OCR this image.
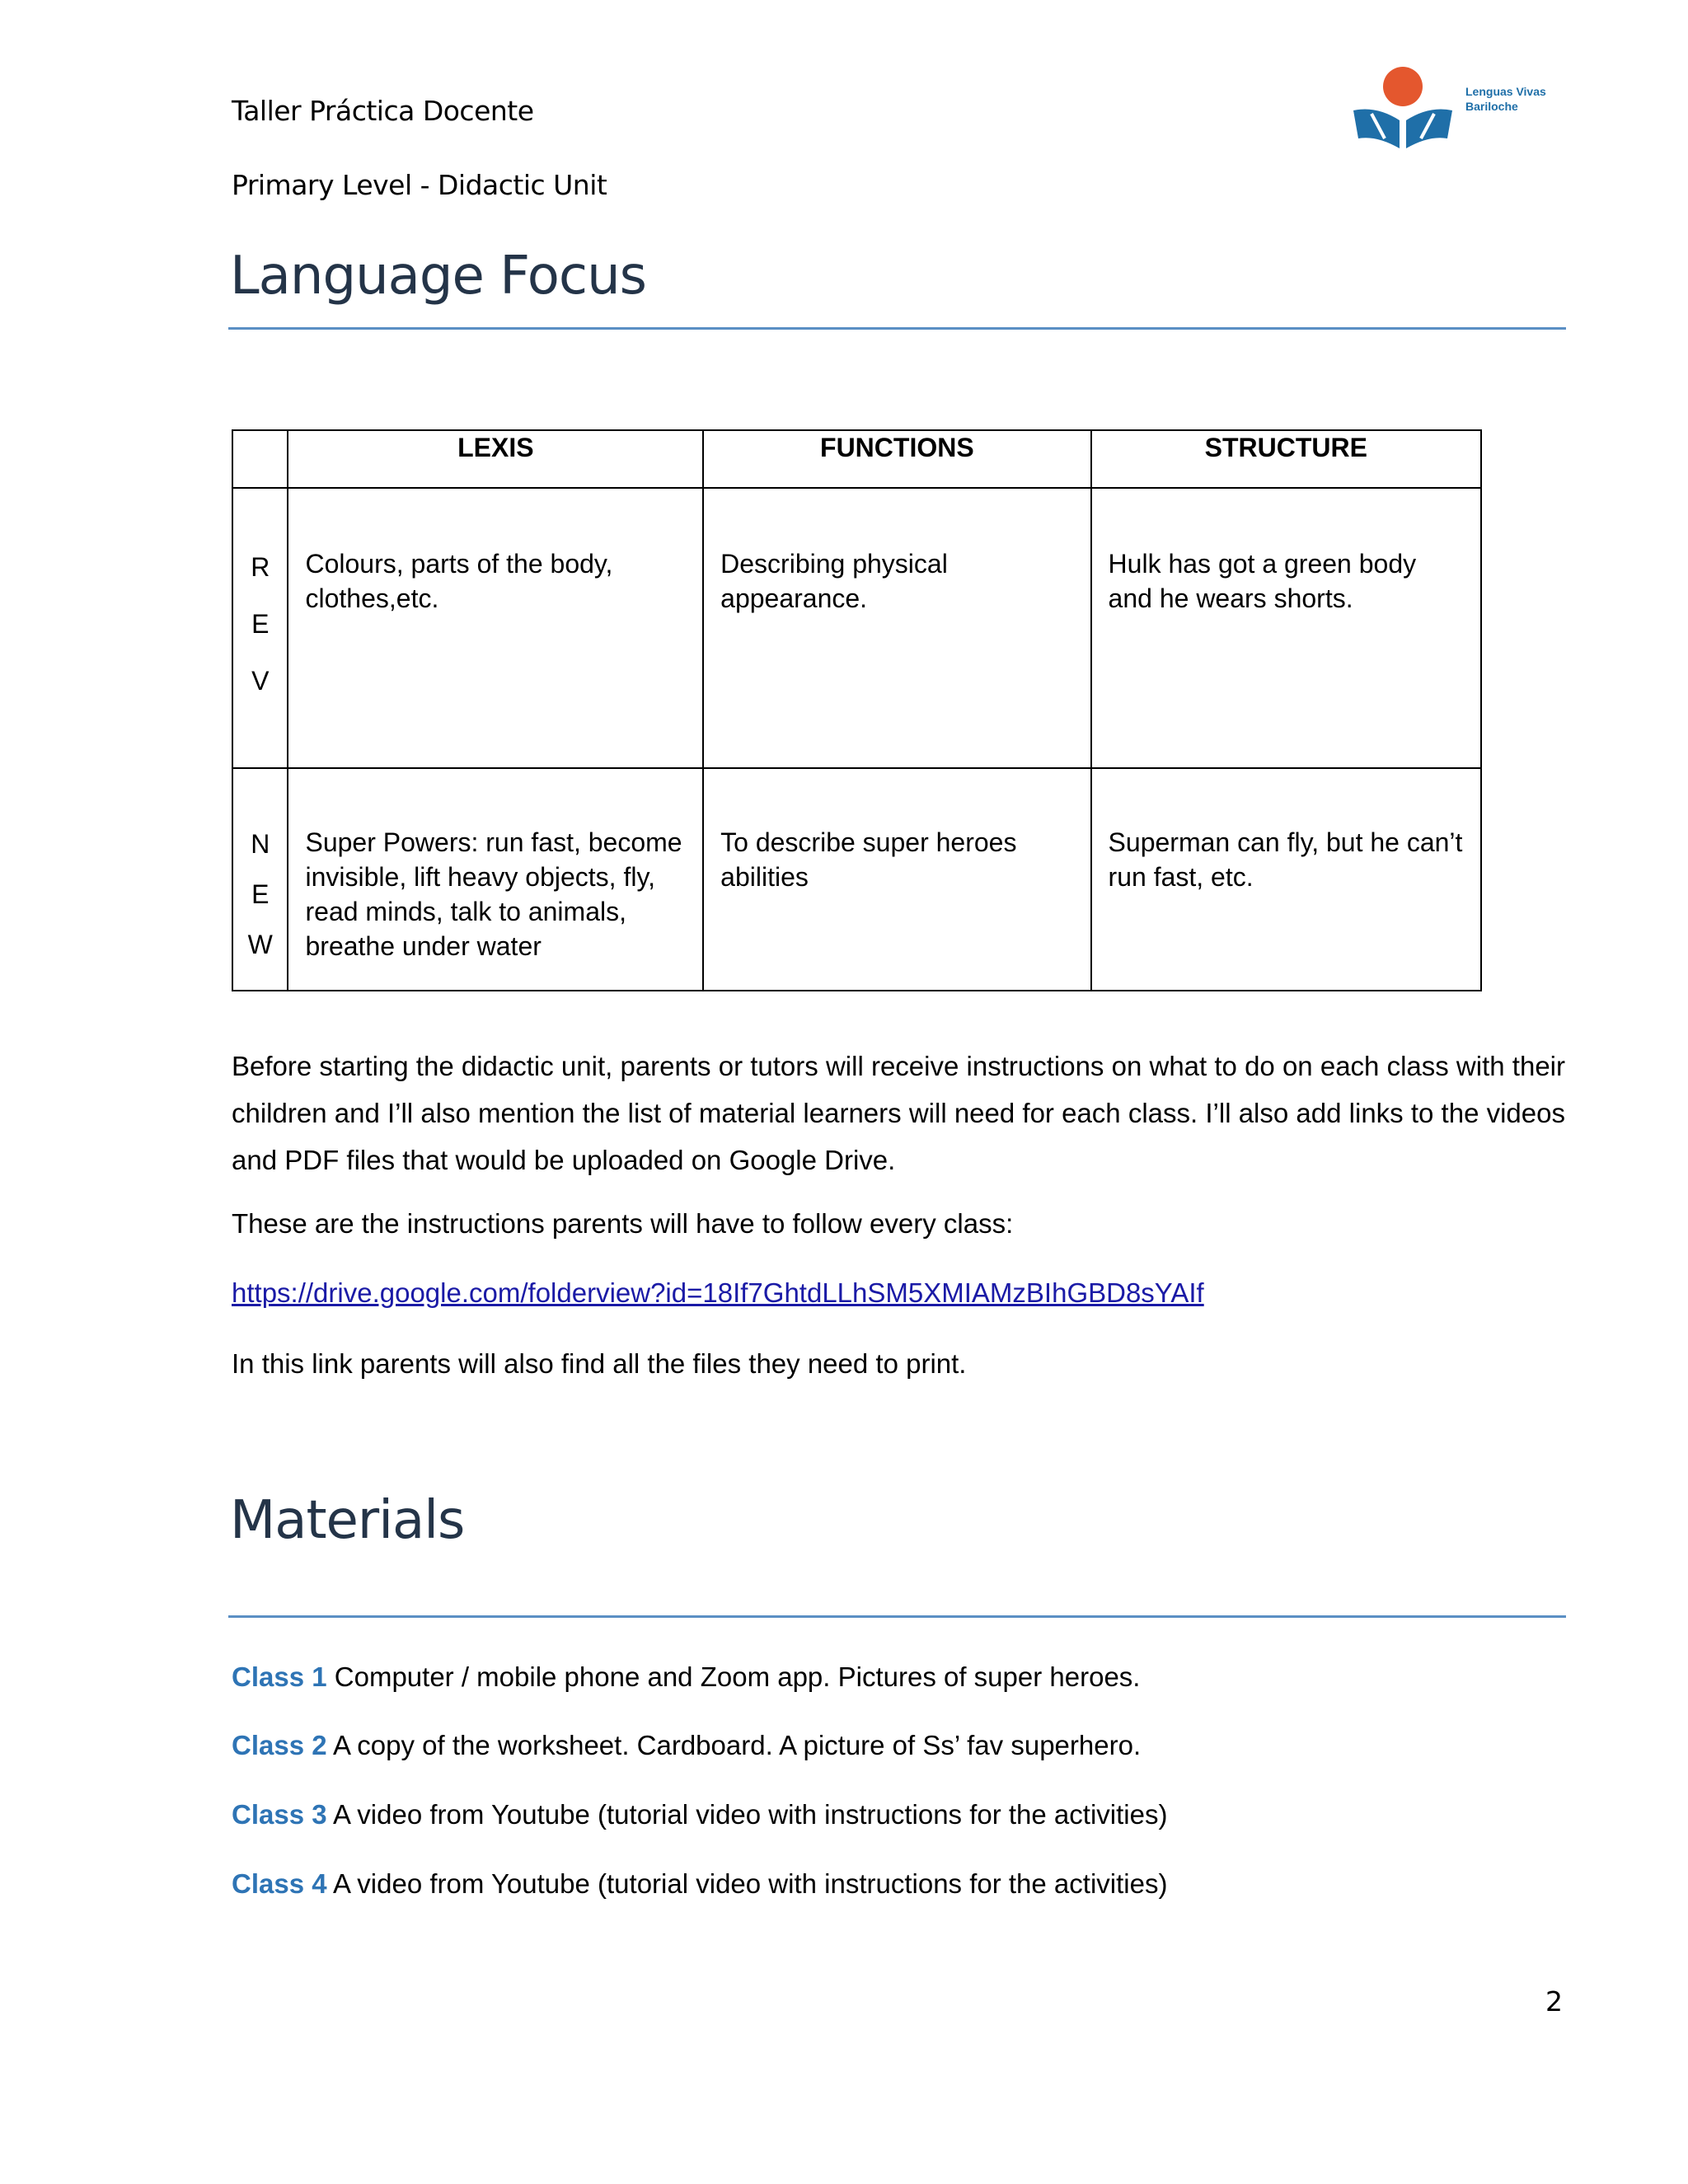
Taller Práctica Docente
Primary Level - Didactic Unit
Lenguas Vivas
Bariloche
Language Focus
	LEXIS	FUNCTIONS	STRUCTURE

R
E
V	Colours, parts of the body, clothes,etc.	Describing physical appearance.	Hulk has got a green body and he wears shorts.

N
E
W	Super Powers: run fast, become invisible, lift heavy objects, fly, read minds, talk to animals, breathe under water	To describe super heroes abilities	Superman can fly, but he can’t run fast, etc.
Before starting the didactic unit, parents or tutors will receive instructions on what to do on each class with their children and I’ll also mention the list of material learners will need for each class. I’ll also add links to the videos and PDF files that would be uploaded on Google Drive.
These are the instructions parents will have to follow every class:
https://drive.google.com/folderview?id=18If7GhtdLLhSM5XMIAMzBIhGBD8sYAIf
In this link parents will also find all the files they need to print.
Materials
Class 1 Computer / mobile phone and Zoom app. Pictures of super heroes.
Class 2 A copy of the worksheet. Cardboard. A picture of Ss’ fav superhero.
Class 3 A video from Youtube (tutorial video with instructions for the activities)
Class 4 A video from Youtube (tutorial video with instructions for the activities)
2
